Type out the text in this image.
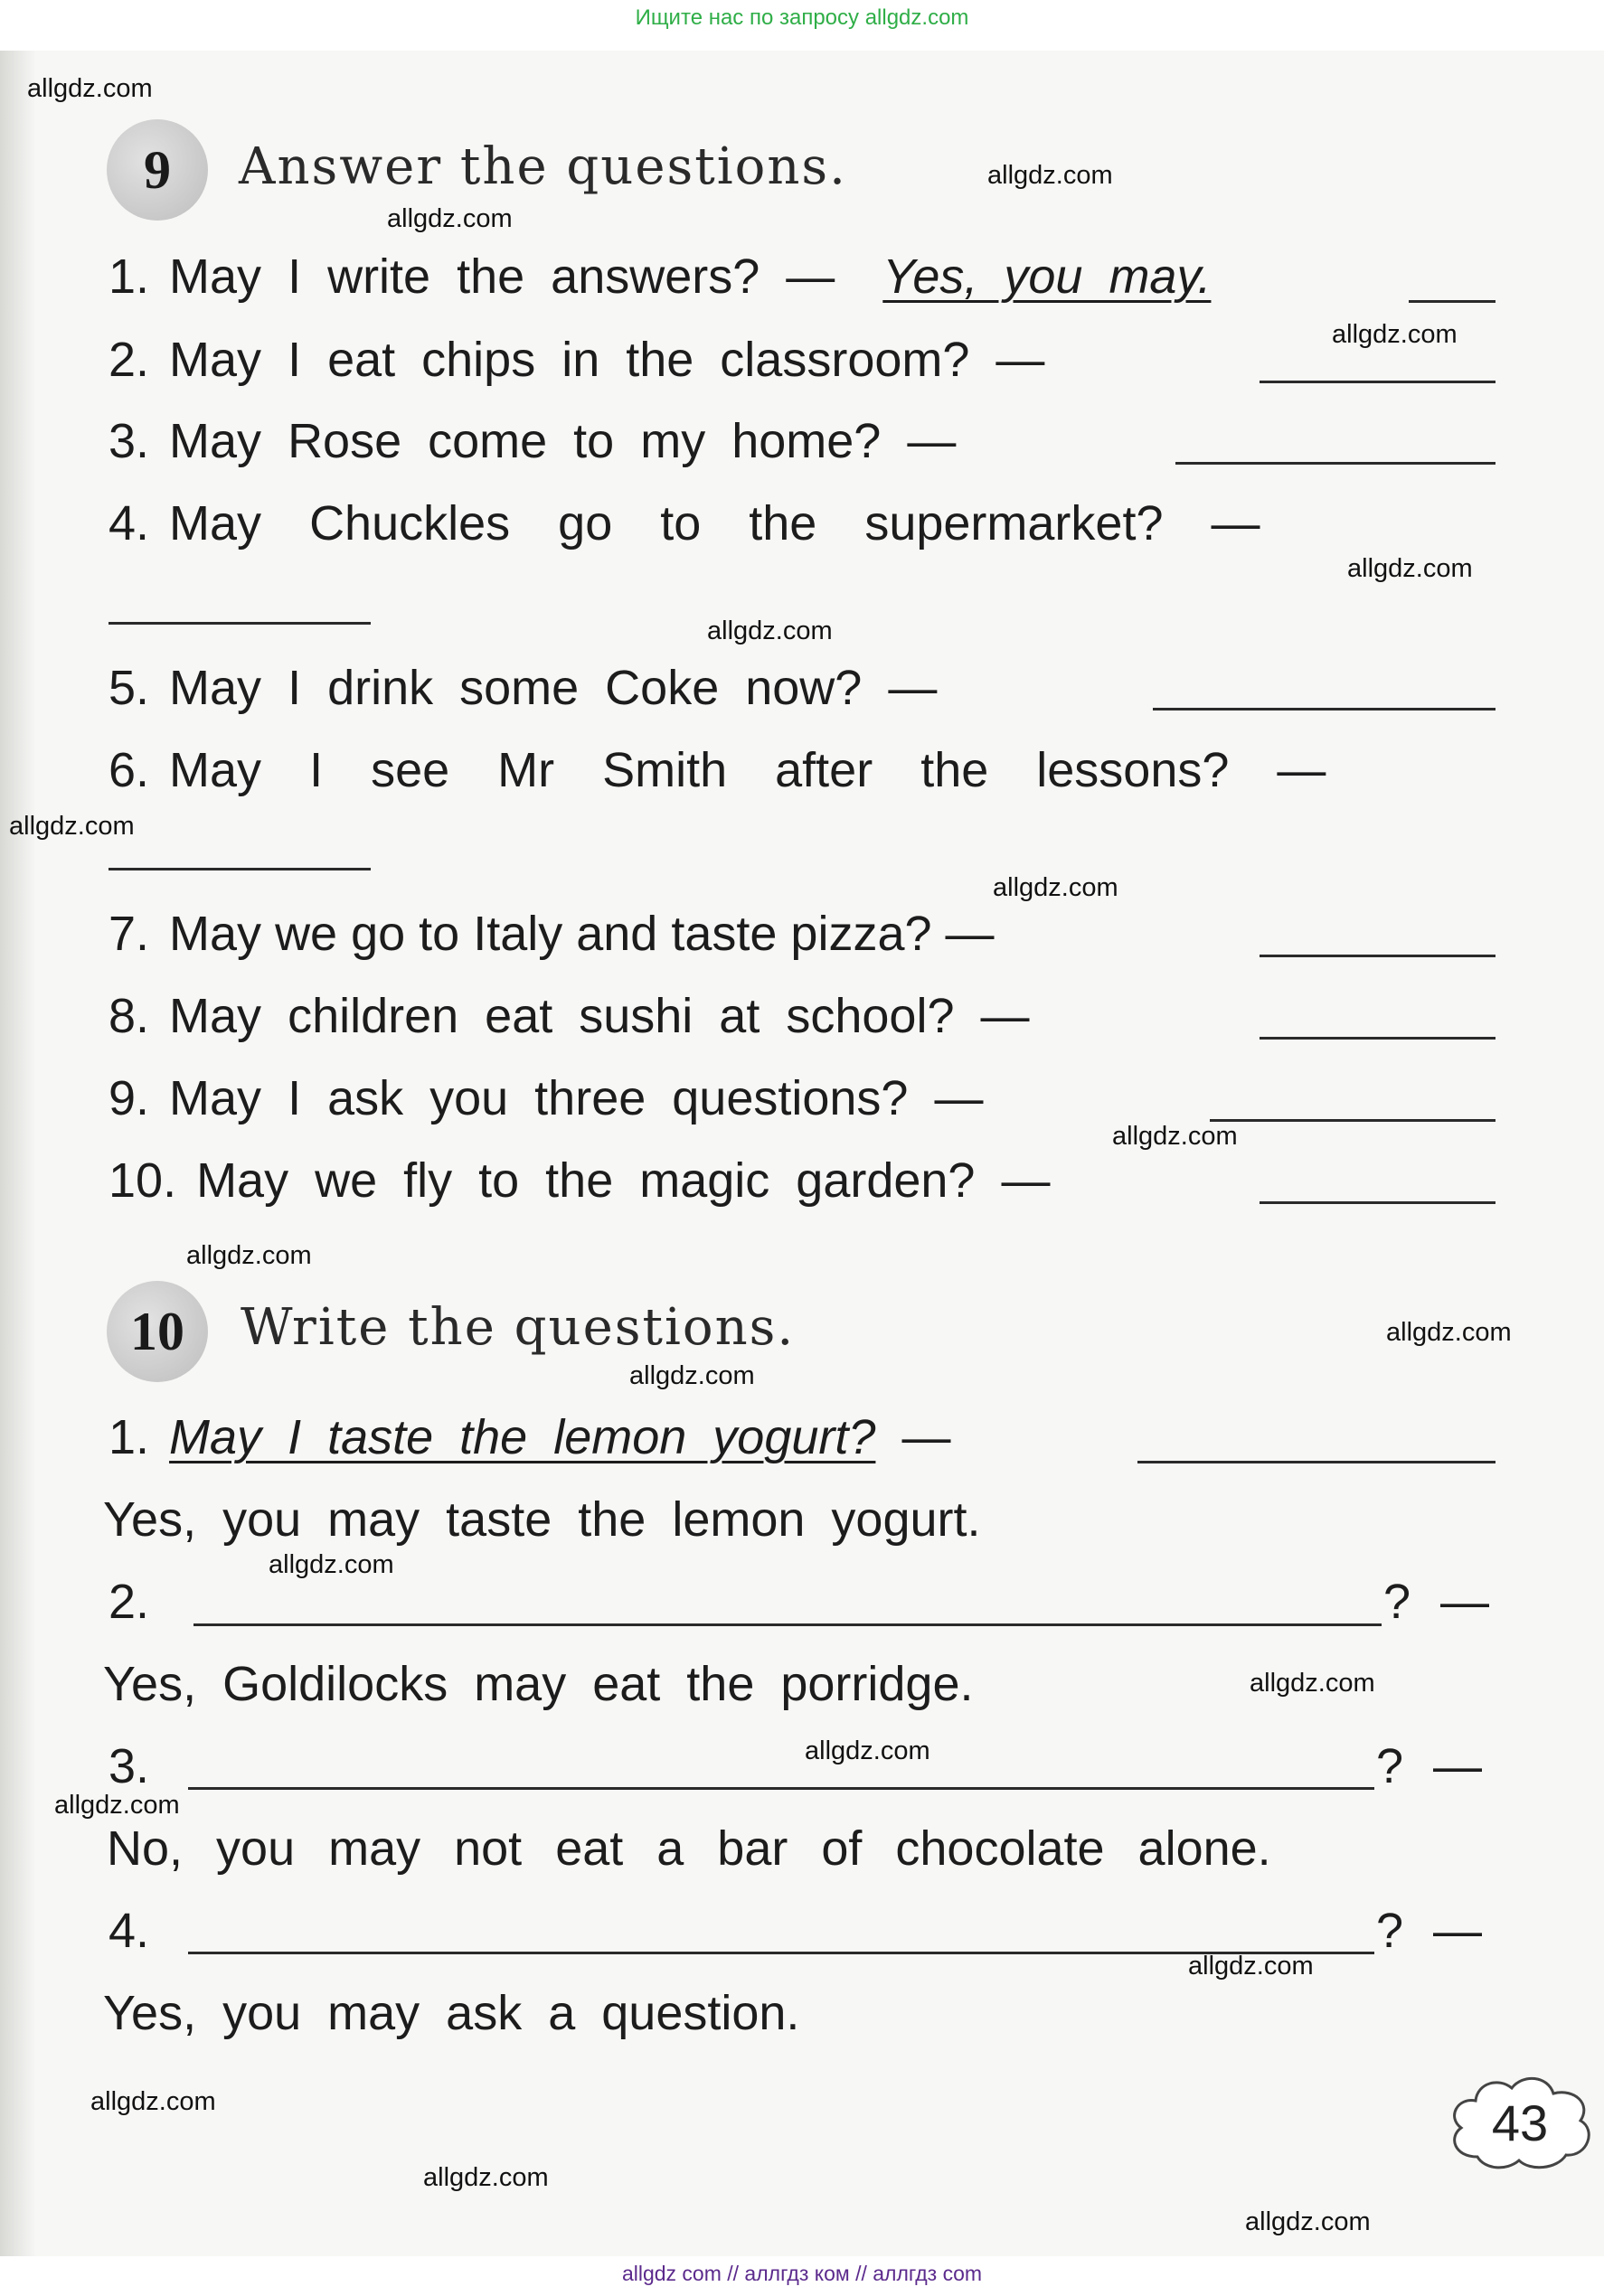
Ищите нас по запросу allgdz.com
allgdz.com
allgdz.com
allgdz.com
allgdz.com
allgdz.com
allgdz.com
allgdz.com
allgdz.com
allgdz.com
allgdz.com
allgdz.com
allgdz.com
allgdz.com
allgdz.com
allgdz.com
allgdz.com
allgdz.com
allgdz.com
allgdz.com
allgdz.com
9	Answer the questions.
1. May I write the answers? — Yes, you may.
2. May I eat chips in the classroom? —
3. May Rose come to my home? —
4. May Chuckles go to the supermarket? —
5. May I drink some Coke now? —
6. May I see Mr Smith after the lessons? —
7. May we go to Italy and taste pizza? —
8. May children eat sushi at school? —
9. May I ask you three questions? —
10. May we fly to the magic garden? —
10	Write the questions.
1. May I taste the lemon yogurt? —
Yes, you may taste the lemon yogurt.
2.	? —
Yes, Goldilocks may eat the porridge.
3.	? —
No, you may not eat a bar of chocolate alone.
4.	? —
Yes, you may ask a question.
43
allgdz com // аллгдз ком // аллгдз com
